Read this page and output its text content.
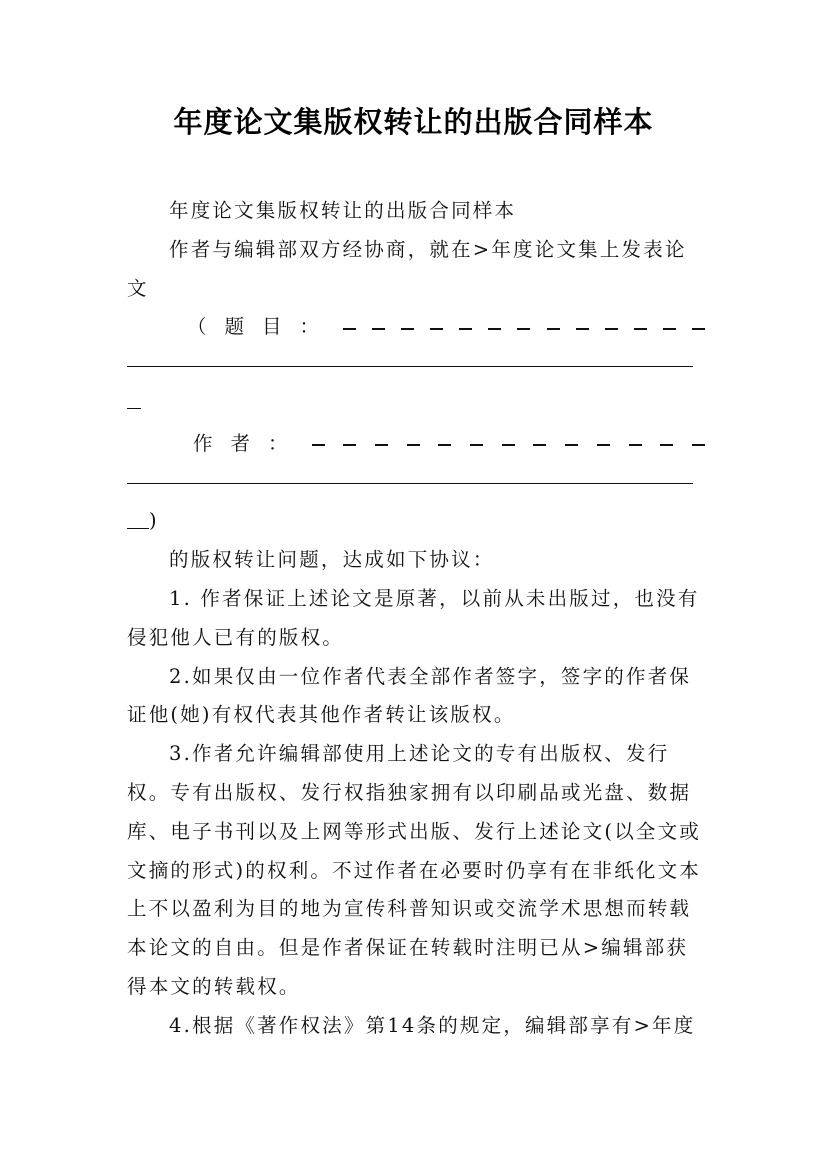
年度论文集版权转让的出版合同样本

年度论文集版权转让的出版合同样本

作者与编辑部双方经协商，就在>年度论文集上发表论文

（题目：
作者：
)

的版权转让问题，达成如下协议：

1. 作者保证上述论文是原著，以前从未出版过，也没有侵犯他人已有的版权。

2.如果仅由一位作者代表全部作者签字，签字的作者保证他(她)有权代表其他作者转让该版权。

3.作者允许编辑部使用上述论文的专有出版权、发行权。专有出版权、发行权指独家拥有以印刷品或光盘、数据库、电子书刊以及上网等形式出版、发行上述论文(以全文或文摘的形式)的权利。不过作者在必要时仍享有在非纸化文本上不以盈利为目的地为宣传科普知识或交流学术思想而转载本论文的自由。但是作者保证在转载时注明已从>编辑部获得本文的转载权。

4.根据《著作权法》第14条的规定，编辑部享有>年度
